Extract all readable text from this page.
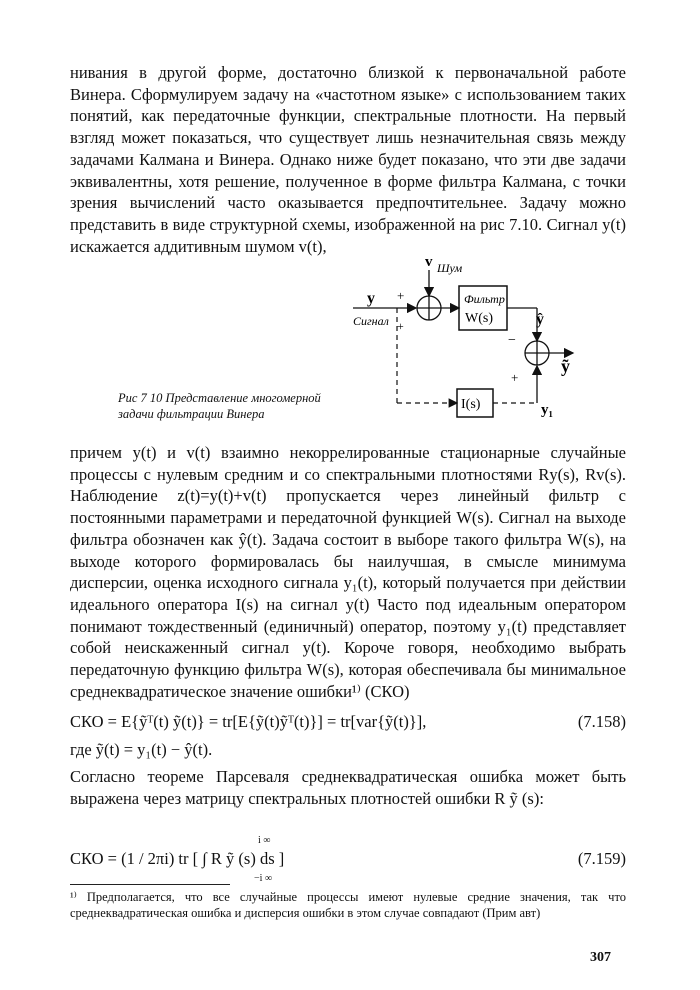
нивания в другой форме, достаточно близкой к первоначальной работе Винера. Сформулируем задачу на «частотном языке» с использованием таких понятий, как передаточные функции, спектральные плотности. На первый взгляд может показаться, что существует лишь незначительная связь между задачами Калмана и Винера. Однако ниже будет показано, что эти две задачи эквивалентны, хотя решение, полученное в форме фильтра Калмана, с точки зрения вычислений часто оказывается предпочтительнее. Задачу можно представить в виде структурной схемы, изображенной на рис 7.10. Сигнал y(t) искажается аддитивным шумом v(t),

v Шум
y
Сигнал
+
+
Фильтр
W(s)	ŷ
−
ỹ
+
I(s)	y₁
Рис 7 10 Представление многомерной задачи фильтрации Винера

причем y(t) и v(t) взаимно некоррелированные стационарные случайные процессы с нулевым средним и со спектральными плотностями Rу(s), Rv(s). Наблюдение z(t)=y(t)+v(t) пропускается через линейный фильтр с постоянными параметрами и передаточной функцией W(s). Сигнал на выходе фильтра обозначен как ŷ(t). Задача состоит в выборе такого фильтра W(s), на выходе которого формировалась бы наилучшая, в смысле минимума дисперсии, оценка исходного сигнала y₁(t), который получается при действии идеального оператора I(s) на сигнал y(t) Часто под идеальным оператором понимают тождественный (единичный) оператор, поэтому y₁(t) представляет собой неискаженный сигнал y(t). Короче говоря, необходимо выбрать передаточную функцию фильтра W(s), которая обеспечивала бы минимальное среднеквадратическое значение ошибки¹⁾ (СКО)

СКО = E{ỹᵀ(t) ỹ(t)} = tr[E{ỹ(t)ỹᵀ(t)}] = tr[var{ỹ(t)}],	(7.158)
где ỹ(t) = y₁(t) − ŷ(t).

Согласно теореме Парсеваля среднеквадратическая ошибка может быть выражена через матрицу спектральных плотностей ошибки R ỹ (s):

СКО = (1 / 2πi) tr [ ∫ R ỹ (s) ds ]
i ∞
−i ∞
(7.159)
¹⁾ Предполагается, что все случайные процессы имеют нулевые средние значения, так что среднеквадратическая ошибка и дисперсия ошибки в этом случае совпадают (Прим авт)
307
